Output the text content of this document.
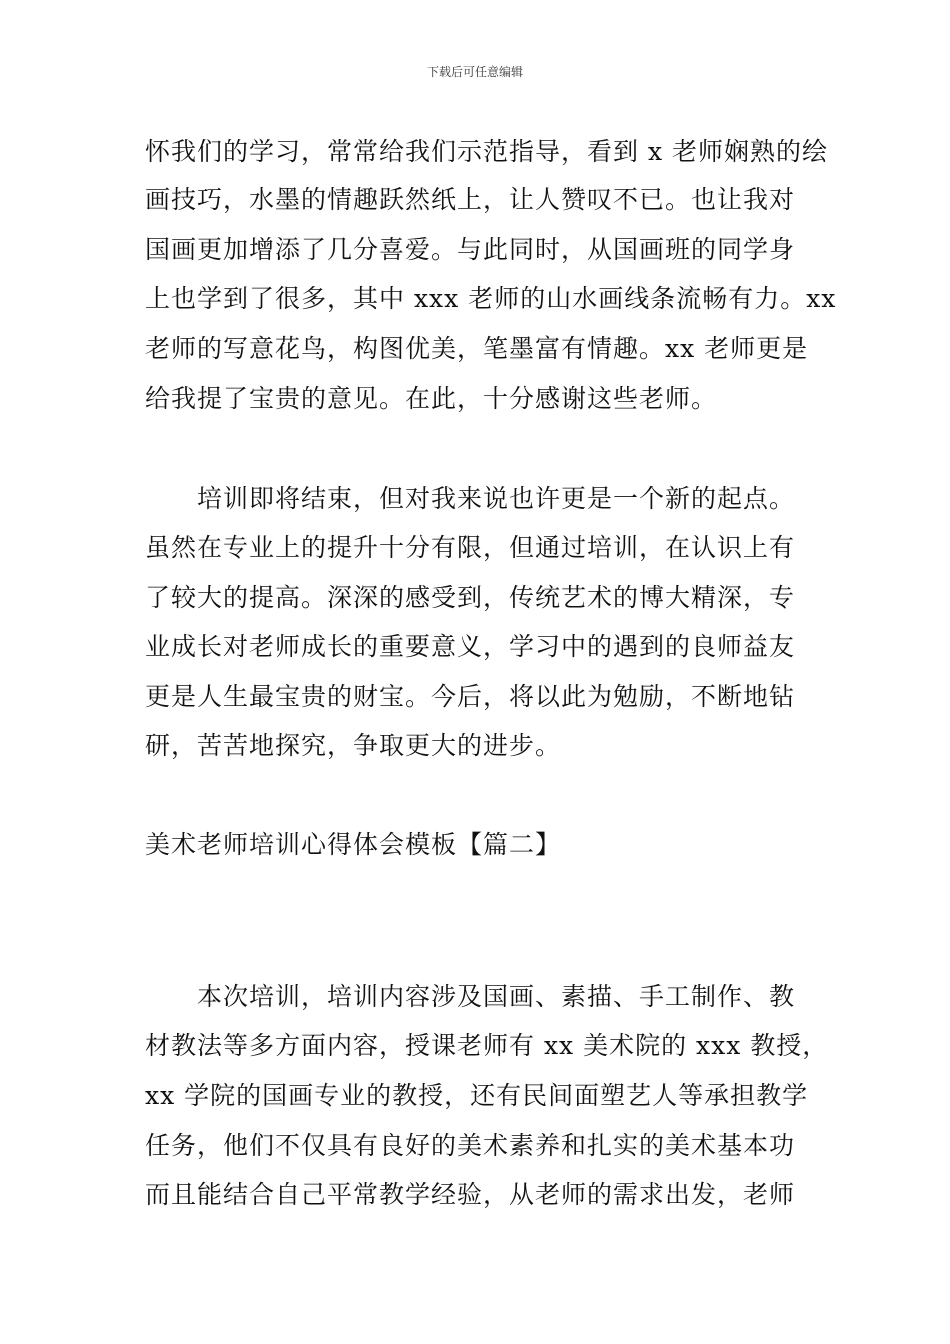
下载后可任意编辑
怀我们的学习，常常给我们示范指导，看到 x 老师娴熟的绘
画技巧，水墨的情趣跃然纸上，让人赞叹不已。也让我对
国画更加增添了几分喜爱。与此同时，从国画班的同学身
上也学到了很多，其中 xxx 老师的山水画线条流畅有力。xx
老师的写意花鸟，构图优美，笔墨富有情趣。xx 老师更是
给我提了宝贵的意见。在此，十分感谢这些老师。
培训即将结束，但对我来说也许更是一个新的起点。
虽然在专业上的提升十分有限，但通过培训，在认识上有
了较大的提高。深深的感受到，传统艺术的博大精深，专
业成长对老师成长的重要意义，学习中的遇到的良师益友
更是人生最宝贵的财宝。今后，将以此为勉励，不断地钻
研，苦苦地探究，争取更大的进步。
美术老师培训心得体会模板【篇二】
本次培训，培训内容涉及国画、素描、手工制作、教
材教法等多方面内容，授课老师有 xx 美术院的 xxx 教授，
xx 学院的国画专业的教授，还有民间面塑艺人等承担教学
任务，他们不仅具有良好的美术素养和扎实的美术基本功
而且能结合自己平常教学经验，从老师的需求出发，老师
